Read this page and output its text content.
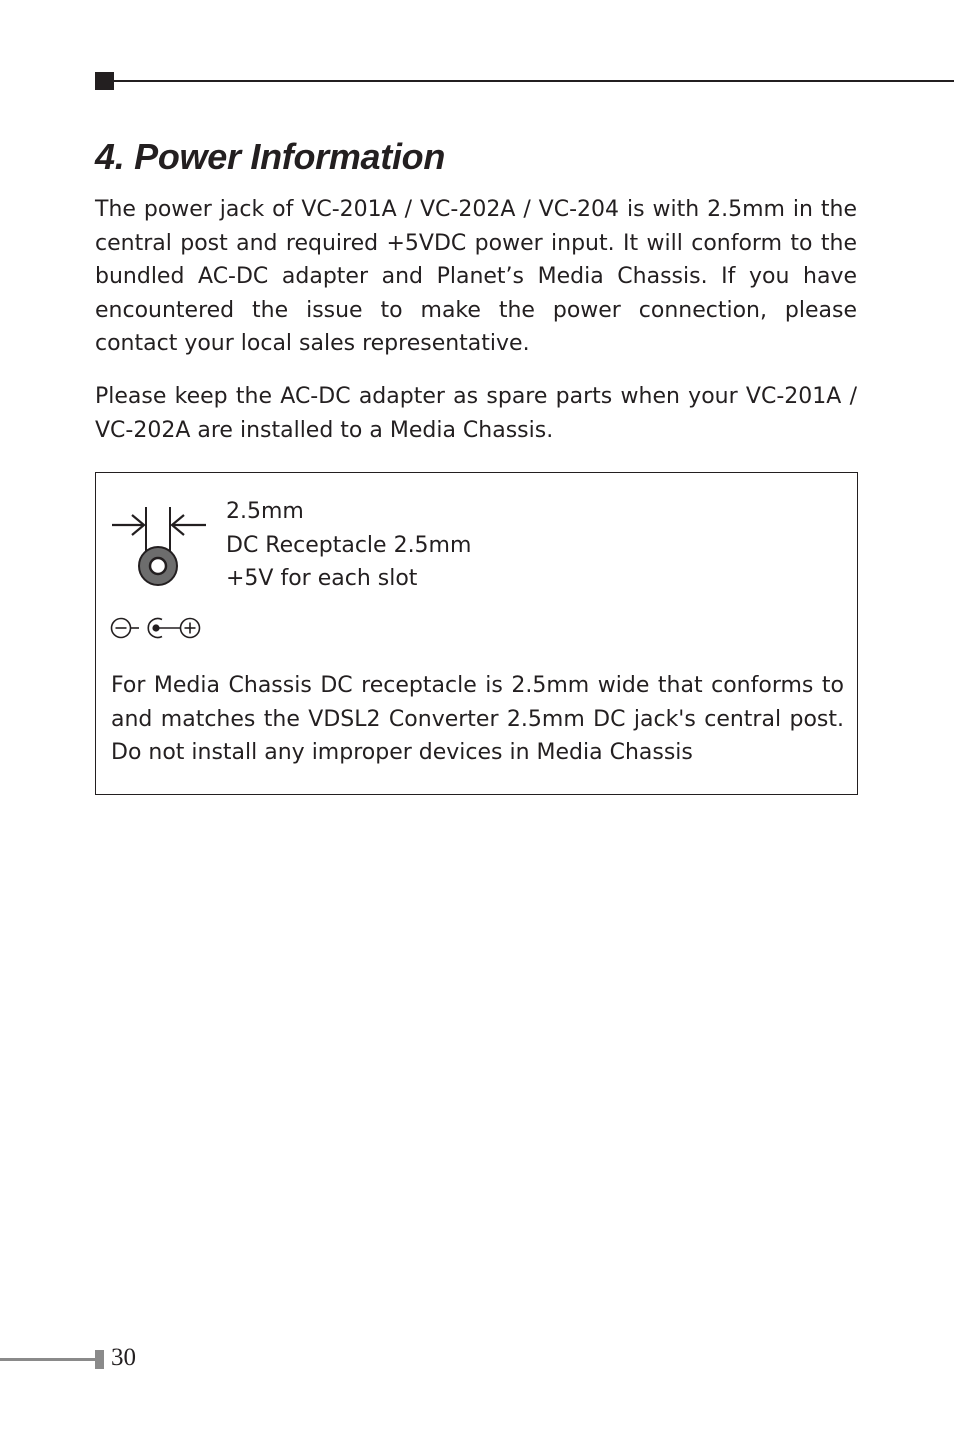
4. Power Information

The power jack of VC-201A / VC-202A / VC-204 is with 2.5mm in the central post and required +5VDC power input. It will conform to the bundled AC-DC adapter and Planet’s Media Chassis. If you have encountered the issue to make the power connection, please contact your local sales representative.

Please keep the AC-DC adapter as spare parts when your VC-201A / VC-202A are installed to a Media Chassis.

2.5mm

DC Receptacle 2.5mm

+5V for each slot

For Media Chassis DC receptacle is 2.5mm wide that conforms to and matches the VDSL2 Converter 2.5mm DC jack's central post. Do not install any improper devices in Media Chassis

30
